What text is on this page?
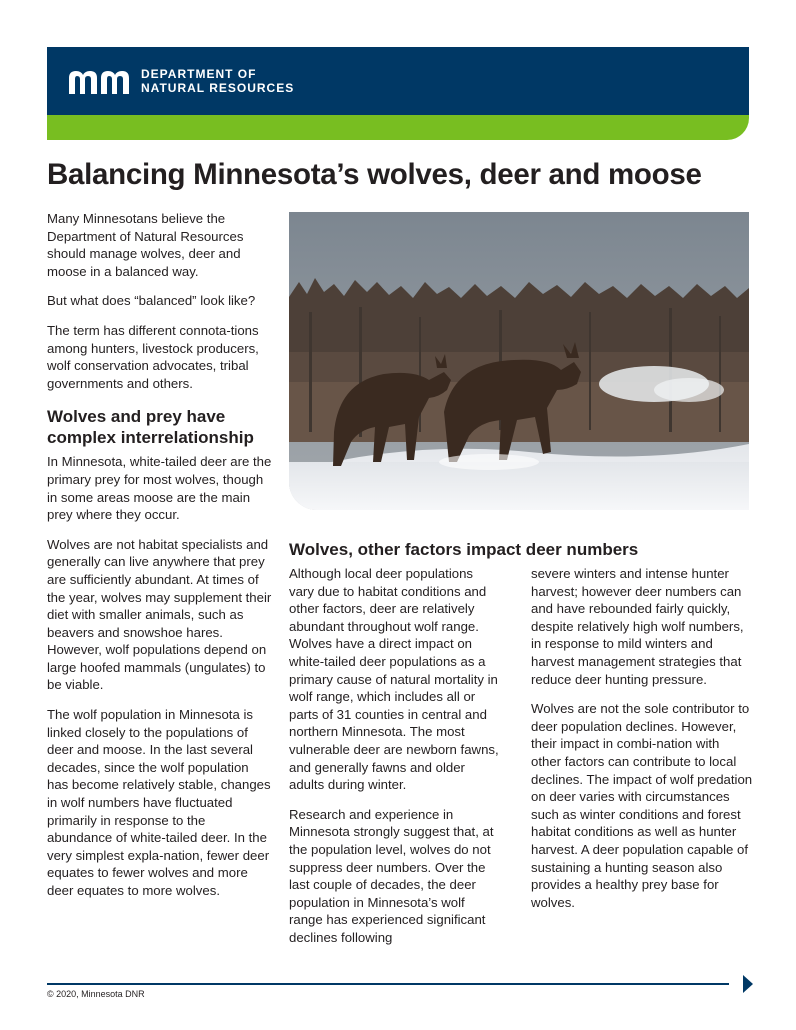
DEPARTMENT OF
NATURAL RESOURCES
Balancing Minnesota’s wolves, deer and moose

Many Minnesotans believe the Department of Natural Resources should manage wolves, deer and moose in a balanced way.

But what does “balanced” look like?

The term has different connota-tions among hunters, livestock producers, wolf conservation advocates, tribal governments and others.

Wolves and prey have complex interrelationship

In Minnesota, white-tailed deer are the primary prey for most wolves, though in some areas moose are the main prey where they occur.

Wolves are not habitat specialists and generally can live anywhere that prey are sufficiently abundant. At times of the year, wolves may supplement their diet with smaller animals, such as beavers and snowshoe hares. However, wolf populations depend on large hoofed mammals (ungulates) to be viable.

The wolf population in Minnesota is linked closely to the populations of deer and moose. In the last several decades, since the wolf population has become relatively stable, changes in wolf numbers have fluctuated primarily in response to the abundance of white-tailed deer. In the very simplest expla-nation, fewer deer equates to fewer wolves and more deer equates to more wolves.

Wolves, other factors impact deer numbers

Although local deer populations vary due to habitat conditions and other factors, deer are relatively abundant throughout wolf range. Wolves have a direct impact on white-tailed deer populations as a primary cause of natural mortality in wolf range, which includes all or parts of 31 counties in central and northern Minnesota. The most vulnerable deer are newborn fawns, and generally fawns and older adults during winter.

Research and experience in Minnesota strongly suggest that, at the population level, wolves do not suppress deer numbers. Over the last couple of decades, the deer population in Minnesota’s wolf range has experienced significant declines following

severe winters and intense hunter harvest; however deer numbers can and have rebounded fairly quickly, despite relatively high wolf numbers, in response to mild winters and harvest management strategies that reduce deer hunting pressure.

Wolves are not the sole contributor to deer population declines. However, their impact in combi-nation with other factors can contribute to local declines. The impact of wolf predation on deer varies with circumstances such as winter conditions and forest habitat conditions as well as hunter harvest. A deer population capable of sustaining a hunting season also provides a healthy prey base for wolves.

© 2020, Minnesota DNR
